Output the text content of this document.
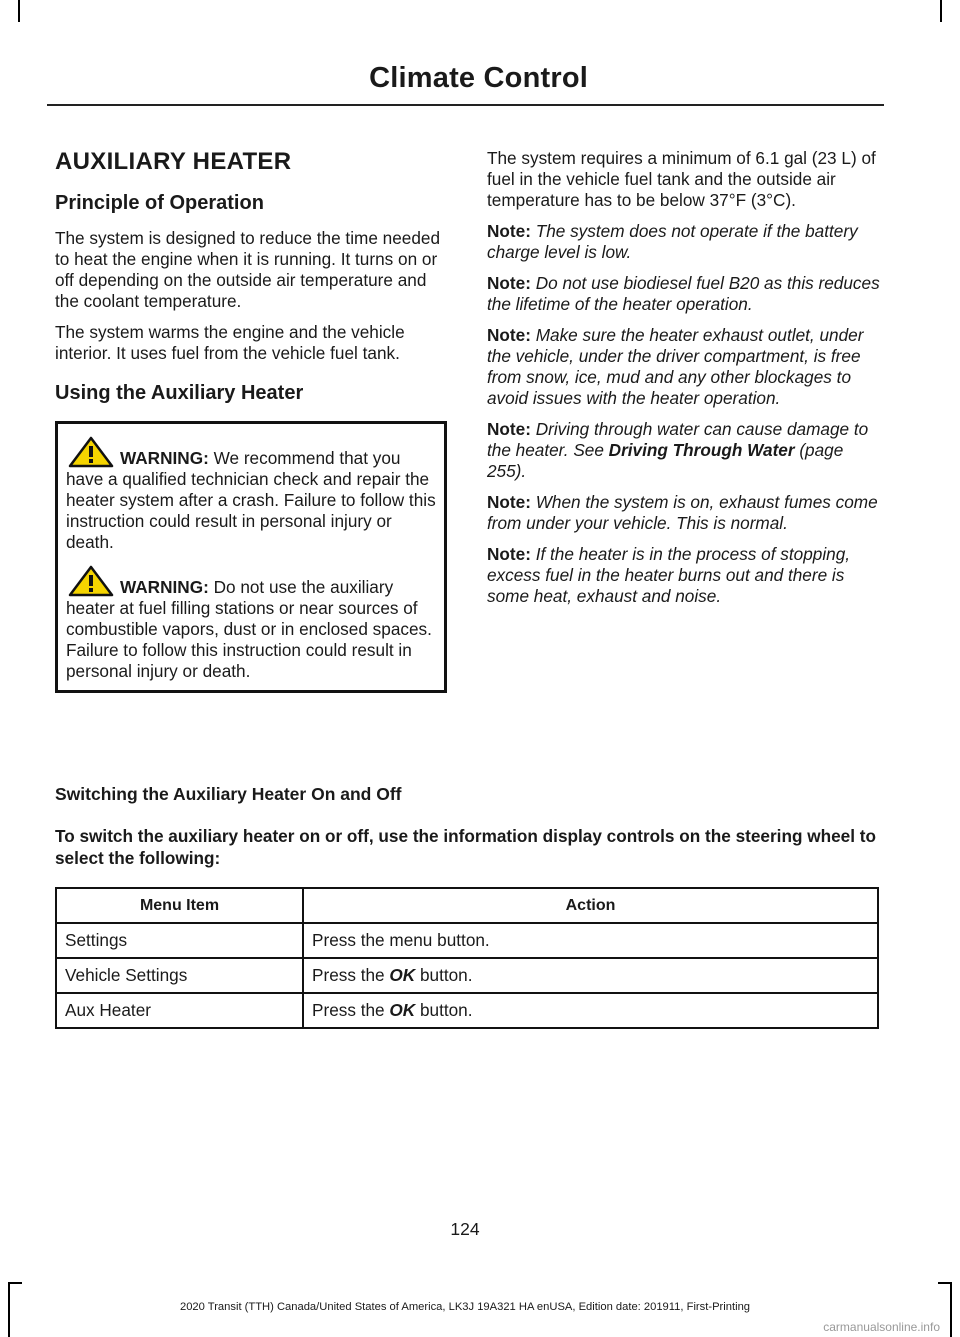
Climate Control
AUXILIARY HEATER
Principle of Operation

The system is designed to reduce the time needed to heat the engine when it is running. It turns on or off depending on the outside air temperature and the coolant temperature.

The system warms the engine and the vehicle interior. It uses fuel from the vehicle fuel tank.

Using the Auxiliary Heater

WARNING: We recommend that you have a qualified technician check and repair the heater system after a crash. Failure to follow this instruction could result in personal injury or death.

WARNING: Do not use the auxiliary heater at fuel filling stations or near sources of combustible vapors, dust or in enclosed spaces. Failure to follow this instruction could result in personal injury or death.

The system requires a minimum of 6.1 gal (23 L) of fuel in the vehicle fuel tank and the outside air temperature has to be below 37°F (3°C).

Note: The system does not operate if the battery charge level is low.

Note: Do not use biodiesel fuel B20 as this reduces the lifetime of the heater operation.

Note: Make sure the heater exhaust outlet, under the vehicle, under the driver compartment, is free from snow, ice, mud and any other blockages to avoid issues with the heater operation.

Note: Driving through water can cause damage to the heater. See Driving Through Water (page 255).

Note: When the system is on, exhaust fumes come from under your vehicle. This is normal.

Note: If the heater is in the process of stopping, excess fuel in the heater burns out and there is some heat, exhaust and noise.

Switching the Auxiliary Heater On and Off

To switch the auxiliary heater on or off, use the information display controls on the steering wheel to select the following:

Menu Item	Action
Settings	Press the menu button.
Vehicle Settings	Press the OK button.
Aux Heater	Press the OK button.
124
2020 Transit (TTH) Canada/United States of America, LK3J 19A321 HA enUSA, Edition date: 201911, First-Printing
carmanualsonline.info
